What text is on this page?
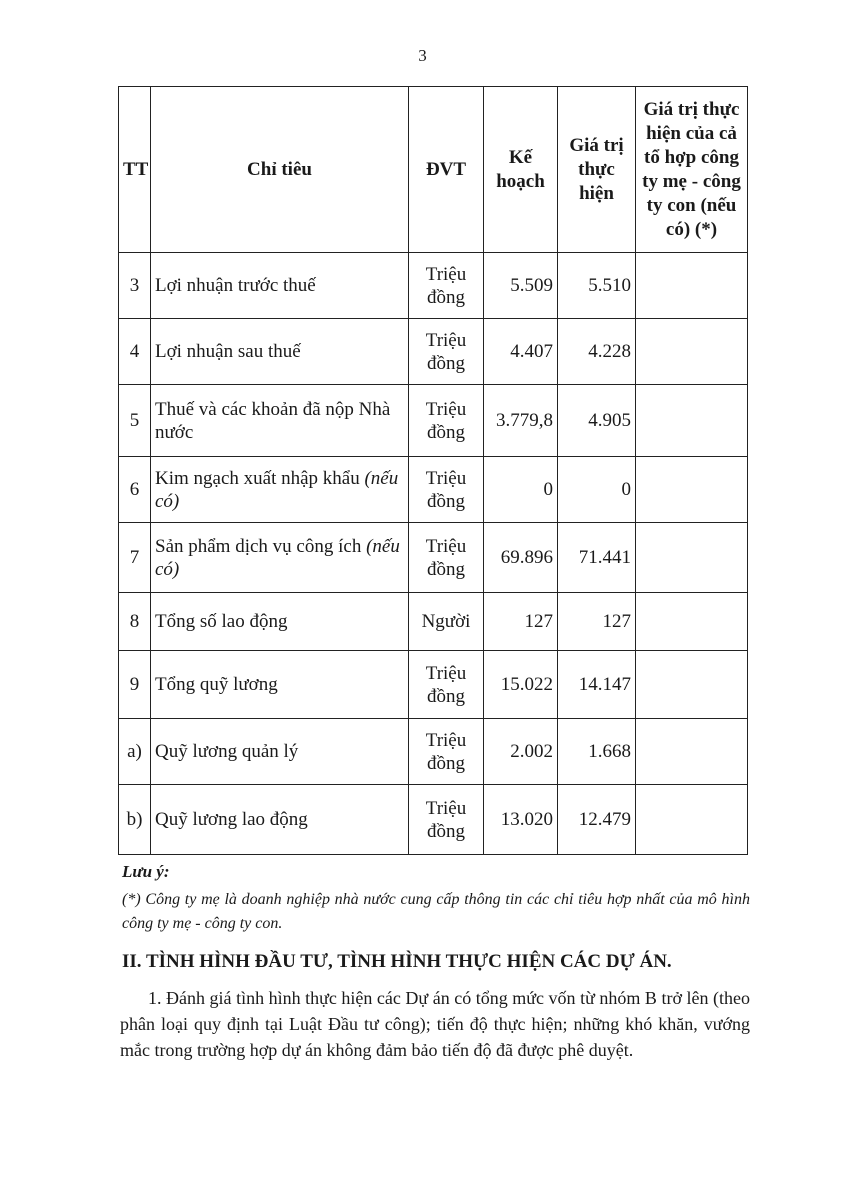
3
TT	Chỉ tiêu	ĐVT	Kế hoạch	Giá trị thực hiện	Giá trị thực hiện của cả tổ hợp công ty mẹ - công ty con (nếu có) (*)
3	Lợi nhuận trước thuế	Triệu đồng	5.509	5.510	
4	Lợi nhuận sau thuế	Triệu đồng	4.407	4.228	
5	Thuế và các khoản đã nộp Nhà nước	Triệu đồng	3.779,8	4.905	
6	Kim ngạch xuất nhập khẩu (nếu có)	Triệu đồng	0	0	
7	Sản phẩm dịch vụ công ích (nếu có)	Triệu đồng	69.896	71.441	
8	Tổng số lao động	Người	127	127	
9	Tổng quỹ lương	Triệu đồng	15.022	14.147	
a)	Quỹ lương quản lý	Triệu đồng	2.002	1.668	
b)	Quỹ lương lao động	Triệu đồng	13.020	12.479	
Lưu ý:
(*) Công ty mẹ là doanh nghiệp nhà nước cung cấp thông tin các chỉ tiêu hợp nhất của mô hình công ty mẹ - công ty con.
II. TÌNH HÌNH ĐẦU TƯ, TÌNH HÌNH THỰC HIỆN CÁC DỰ ÁN.
1. Đánh giá tình hình thực hiện các Dự án có tổng mức vốn từ nhóm B trở lên (theo phân loại quy định tại Luật Đầu tư công); tiến độ thực hiện; những khó khăn, vướng mắc trong trường hợp dự án không đảm bảo tiến độ đã được phê duyệt.
